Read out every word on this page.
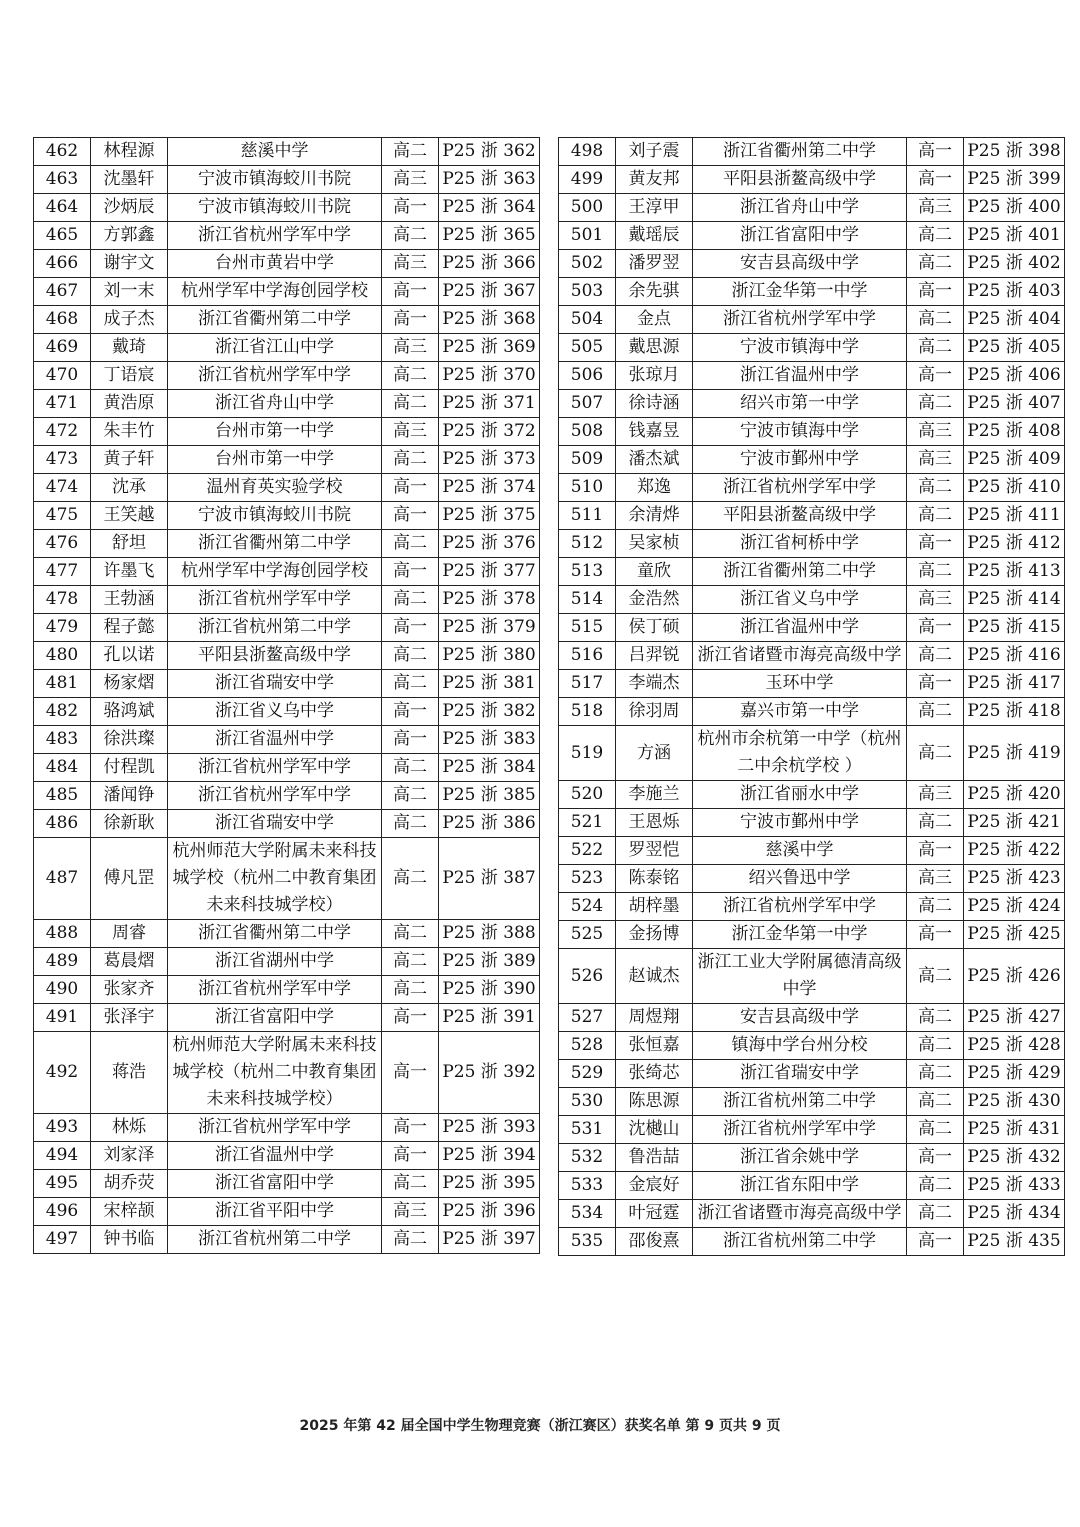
462	林程源	慈溪中学	高二	P25 浙 362
463	沈墨轩	宁波市镇海蛟川书院	高三	P25 浙 363
464	沙炳辰	宁波市镇海蛟川书院	高一	P25 浙 364
465	方郭鑫	浙江省杭州学军中学	高二	P25 浙 365
466	谢宇文	台州市黄岩中学	高三	P25 浙 366
467	刘一末	杭州学军中学海创园学校	高一	P25 浙 367
468	成子杰	浙江省衢州第二中学	高一	P25 浙 368
469	戴琦	浙江省江山中学	高三	P25 浙 369
470	丁语宸	浙江省杭州学军中学	高二	P25 浙 370
471	黄浩原	浙江省舟山中学	高二	P25 浙 371
472	朱丰竹	台州市第一中学	高三	P25 浙 372
473	黄子轩	台州市第一中学	高二	P25 浙 373
474	沈承	温州育英实验学校	高一	P25 浙 374
475	王笑越	宁波市镇海蛟川书院	高一	P25 浙 375
476	舒坦	浙江省衢州第二中学	高二	P25 浙 376
477	许墨飞	杭州学军中学海创园学校	高一	P25 浙 377
478	王勃涵	浙江省杭州学军中学	高二	P25 浙 378
479	程子懿	浙江省杭州第二中学	高一	P25 浙 379
480	孔以诺	平阳县浙鳌高级中学	高二	P25 浙 380
481	杨家熠	浙江省瑞安中学	高二	P25 浙 381
482	骆鸿斌	浙江省义乌中学	高一	P25 浙 382
483	徐洪璨	浙江省温州中学	高一	P25 浙 383
484	付程凯	浙江省杭州学军中学	高二	P25 浙 384
485	潘闻铮	浙江省杭州学军中学	高二	P25 浙 385
486	徐新耿	浙江省瑞安中学	高二	P25 浙 386
487	傅凡罡	杭州师范大学附属未来科技城学校（杭州二中教育集团未来科技城学校）	高二	P25 浙 387
488	周睿	浙江省衢州第二中学	高二	P25 浙 388
489	葛晨熠	浙江省湖州中学	高二	P25 浙 389
490	张家齐	浙江省杭州学军中学	高二	P25 浙 390
491	张泽宇	浙江省富阳中学	高一	P25 浙 391
492	蒋浩	杭州师范大学附属未来科技城学校（杭州二中教育集团未来科技城学校）	高一	P25 浙 392
493	林烁	浙江省杭州学军中学	高一	P25 浙 393
494	刘家泽	浙江省温州中学	高一	P25 浙 394
495	胡乔荧	浙江省富阳中学	高二	P25 浙 395
496	宋梓颉	浙江省平阳中学	高三	P25 浙 396
497	钟书临	浙江省杭州第二中学	高二	P25 浙 397
498	刘子震	浙江省衢州第二中学	高一	P25 浙 398
499	黄友邦	平阳县浙鳌高级中学	高一	P25 浙 399
500	王淳甲	浙江省舟山中学	高三	P25 浙 400
501	戴瑶辰	浙江省富阳中学	高二	P25 浙 401
502	潘罗翌	安吉县高级中学	高二	P25 浙 402
503	余先骐	浙江金华第一中学	高一	P25 浙 403
504	金点	浙江省杭州学军中学	高二	P25 浙 404
505	戴思源	宁波市镇海中学	高二	P25 浙 405
506	张琼月	浙江省温州中学	高一	P25 浙 406
507	徐诗涵	绍兴市第一中学	高二	P25 浙 407
508	钱嘉昱	宁波市镇海中学	高三	P25 浙 408
509	潘杰斌	宁波市鄞州中学	高三	P25 浙 409
510	郑逸	浙江省杭州学军中学	高二	P25 浙 410
511	余清烨	平阳县浙鳌高级中学	高二	P25 浙 411
512	吴家桢	浙江省柯桥中学	高一	P25 浙 412
513	童欣	浙江省衢州第二中学	高二	P25 浙 413
514	金浩然	浙江省义乌中学	高三	P25 浙 414
515	侯丁硕	浙江省温州中学	高一	P25 浙 415
516	吕羿锐	浙江省诸暨市海亮高级中学	高二	P25 浙 416
517	李端杰	玉环中学	高一	P25 浙 417
518	徐羽周	嘉兴市第一中学	高二	P25 浙 418
519	方涵	杭州市余杭第一中学（杭州二中余杭学校 ）	高二	P25 浙 419
520	李施兰	浙江省丽水中学	高三	P25 浙 420
521	王恩烁	宁波市鄞州中学	高二	P25 浙 421
522	罗翌恺	慈溪中学	高一	P25 浙 422
523	陈泰铭	绍兴鲁迅中学	高三	P25 浙 423
524	胡梓墨	浙江省杭州学军中学	高二	P25 浙 424
525	金扬博	浙江金华第一中学	高一	P25 浙 425
526	赵诚杰	浙江工业大学附属德清高级中学	高二	P25 浙 426
527	周煜翔	安吉县高级中学	高二	P25 浙 427
528	张恒嘉	镇海中学台州分校	高二	P25 浙 428
529	张绮芯	浙江省瑞安中学	高二	P25 浙 429
530	陈思源	浙江省杭州第二中学	高二	P25 浙 430
531	沈樾山	浙江省杭州学军中学	高二	P25 浙 431
532	鲁浩喆	浙江省余姚中学	高一	P25 浙 432
533	金宸好	浙江省东阳中学	高二	P25 浙 433
534	叶冠霆	浙江省诸暨市海亮高级中学	高二	P25 浙 434
535	邵俊熹	浙江省杭州第二中学	高一	P25 浙 435
2025 年第 42 届全国中学生物理竞赛（浙江赛区）获奖名单 第 9 页共 9 页
